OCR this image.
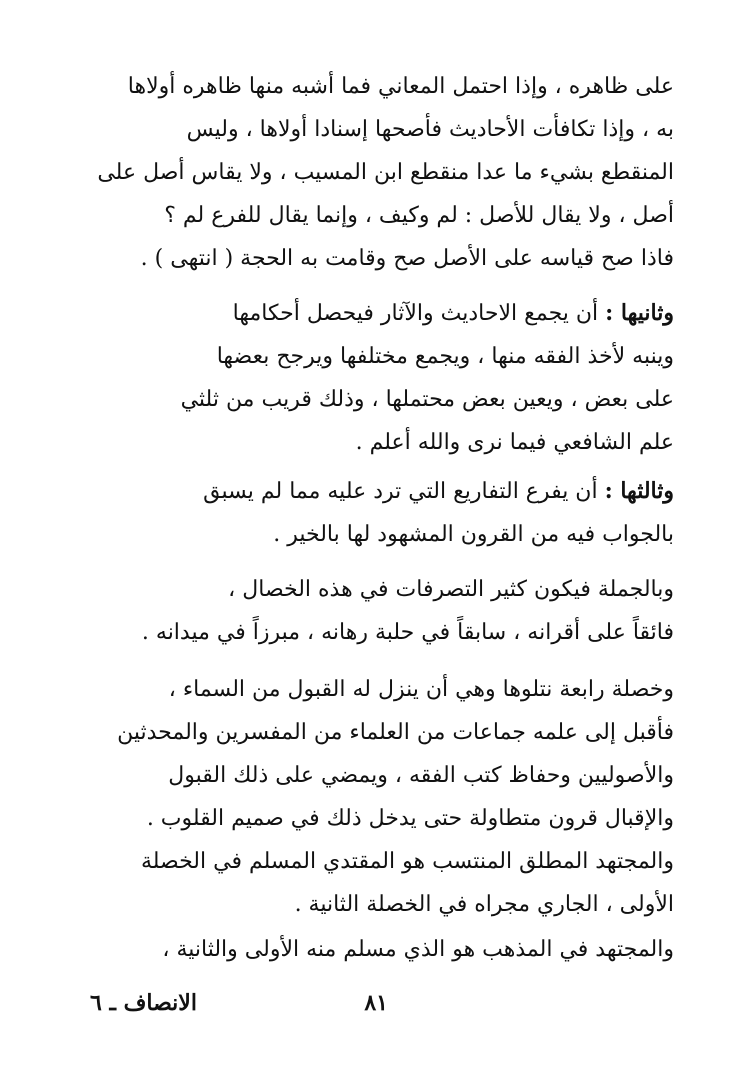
على ظاهره ، وإذا احتمل المعاني فما أشبه منها ظاهره أولاها
به ، وإذا تكافأت الأحاديث فأصحها إسنادا أولاها ، وليس
المنقطع بشيء ما عدا منقطع ابن المسيب ، ولا يقاس أصل على
أصل ، ولا يقال للأصل : لم وكيف ، وإنما يقال للفرع لم ؟
فاذا صح قياسه على الأصل صح وقامت به الحجة ( انتهى ) .
وثانيها : أن يجمع الاحاديث والآثار فيحصل أحكامها
وينبه لأخذ الفقه منها ، ويجمع مختلفها ويرجح بعضها
على بعض ، ويعين بعض محتملها ، وذلك قريب من ثلثي
علم الشافعي فيما نرى والله أعلم .
وثالثها : أن يفرع التفاريع التي ترد عليه مما لم يسبق
بالجواب فيه من القرون المشهود لها بالخير .
وبالجملة فيكون كثير التصرفات في هذه الخصال ،
فائقاً على أقرانه ، سابقاً في حلبة رهانه ، مبرزاً في ميدانه .
وخصلة رابعة نتلوها وهي أن ينزل له القبول من السماء ،
فأقبل إلى علمه جماعات من العلماء من المفسرين والمحدثين
والأصوليين وحفاظ كتب الفقه ، ويمضي على ذلك القبول
والإقبال قرون متطاولة حتى يدخل ذلك في صميم القلوب .
والمجتهد المطلق المنتسب هو المقتدي المسلم في الخصلة
الأولى ، الجاري مجراه في الخصلة الثانية .
والمجتهد في المذهب هو الذي مسلم منه الأولى والثانية ،
٨١
الانصاف ـ ٦
